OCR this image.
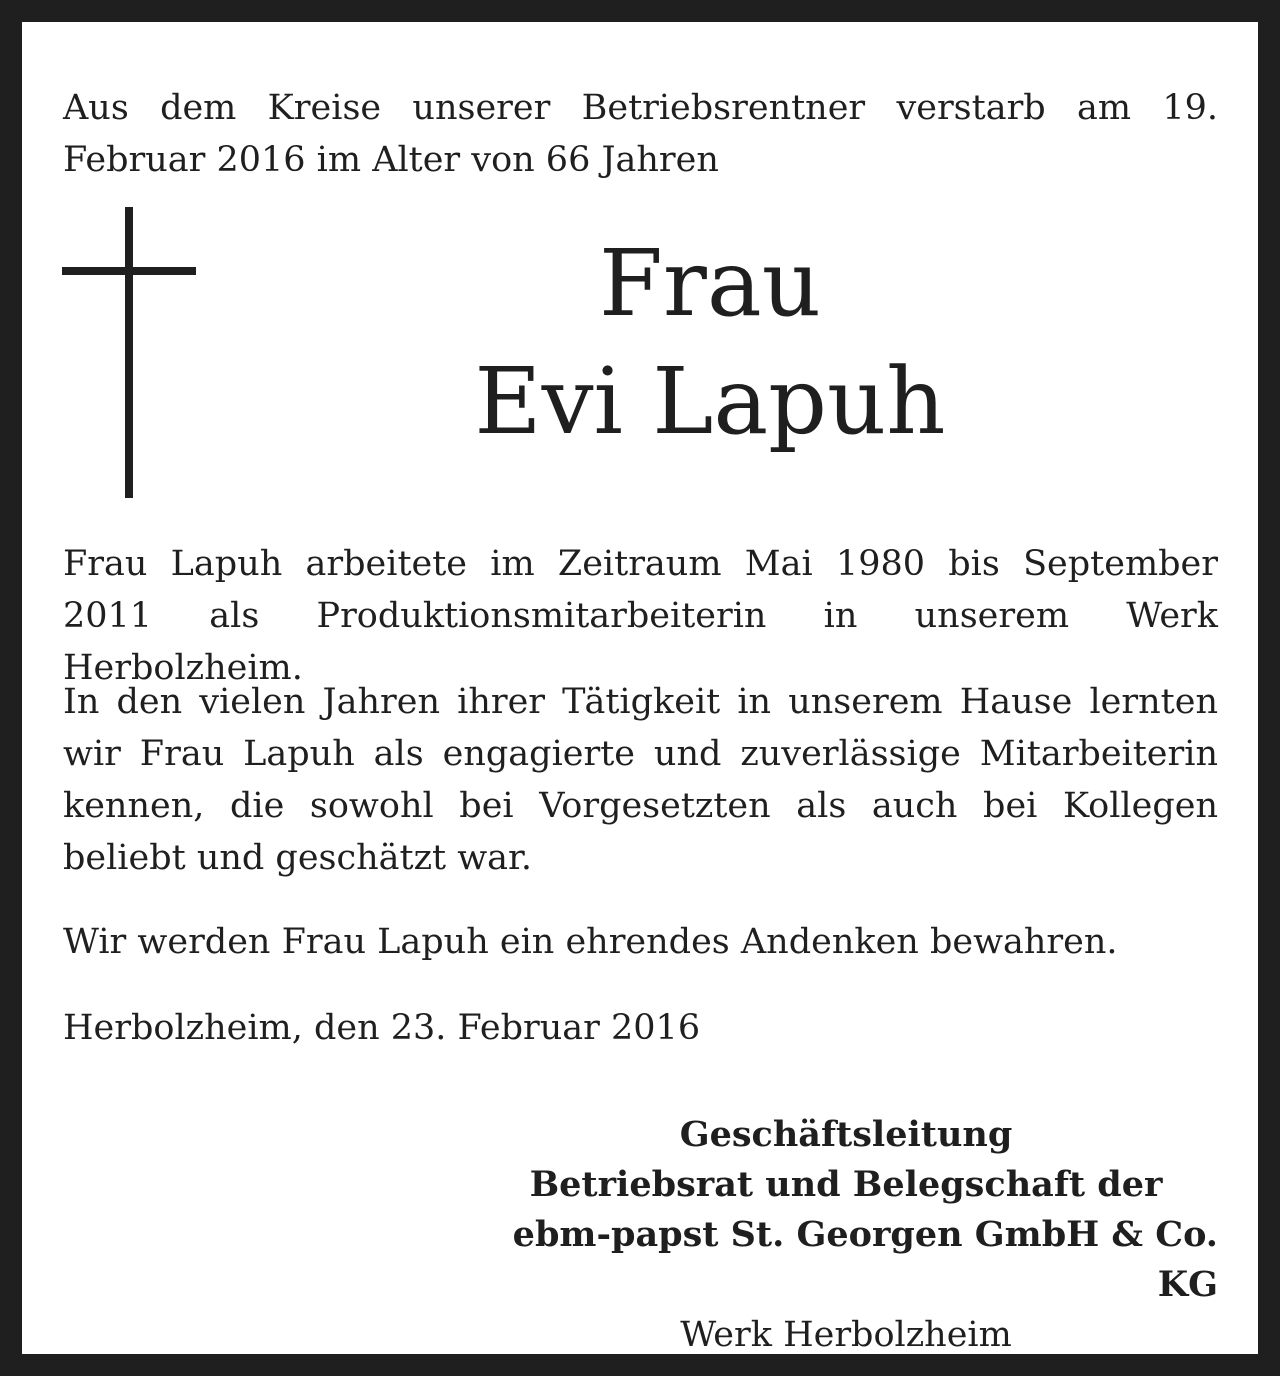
Aus dem Kreise unserer Betriebsrentner verstarb am 19. Februar 2016 im Alter von 66 Jahren

Frau
Evi Lapuh

Frau Lapuh arbeitete im Zeitraum Mai 1980 bis September 2011 als Produktionsmitarbeiterin in unserem Werk Herbolzheim.

In den vielen Jahren ihrer Tätigkeit in unserem Hause lernten wir Frau Lapuh als engagierte und zuverlässige Mitarbeiterin kennen, die sowohl bei Vorgesetzten als auch bei Kollegen beliebt und geschätzt war.

Wir werden Frau Lapuh ein ehrendes Andenken bewahren.

Herbolzheim, den 23. Februar 2016

Geschäftsleitung
Betriebsrat und Belegschaft der
ebm-papst St. Georgen GmbH & Co. KG
Werk Herbolzheim
